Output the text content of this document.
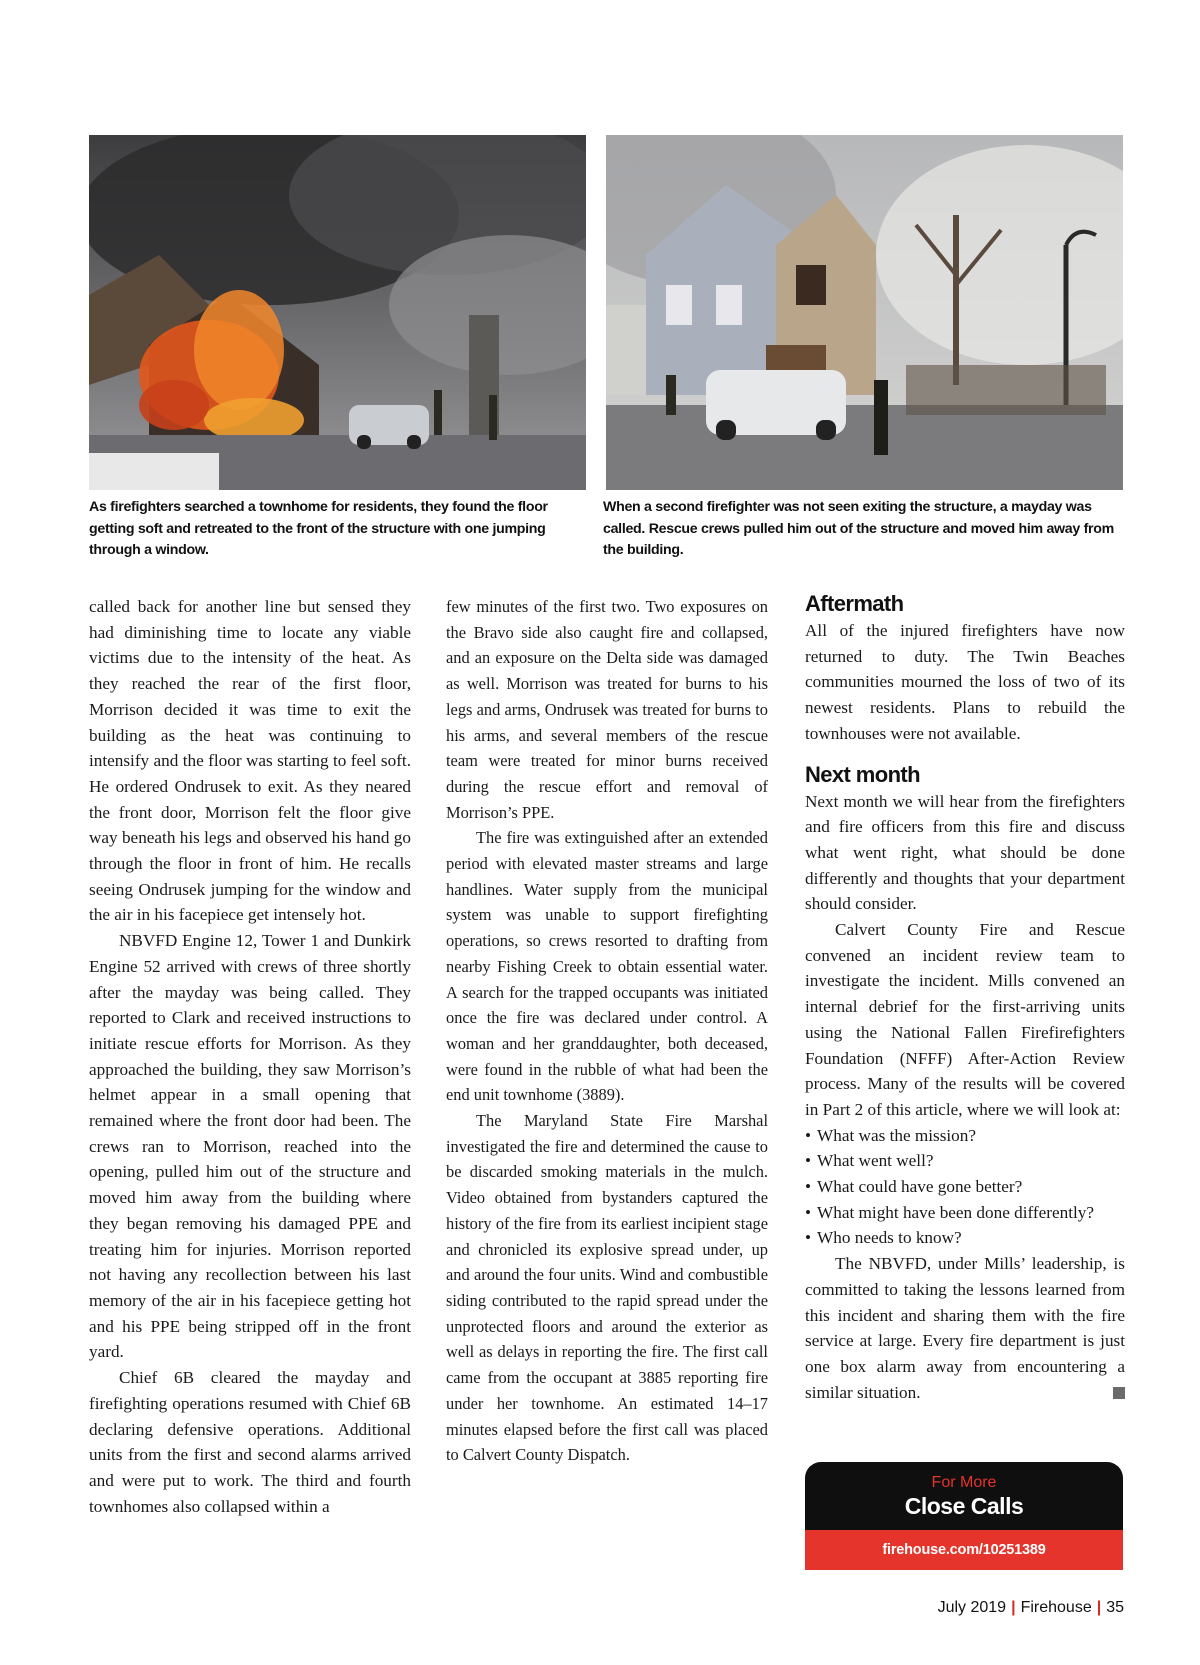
As firefighters searched a townhome for residents, they found the floor getting soft and retreated to the front of the structure with one jumping through a window.
When a second firefighter was not seen exiting the structure, a mayday was called. Rescue crews pulled him out of the structure and moved him away from the building.

called back for another line but sensed they had diminishing time to locate any viable victims due to the intensity of the heat. As they reached the rear of the first floor, Morrison decided it was time to exit the building as the heat was continuing to intensify and the floor was starting to feel soft. He ordered Ondrusek to exit. As they neared the front door, Morrison felt the floor give way beneath his legs and observed his hand go through the floor in front of him. He recalls seeing Ondrusek jumping for the window and the air in his facepiece get intensely hot.

NBVFD Engine 12, Tower 1 and Dunkirk Engine 52 arrived with crews of three shortly after the mayday was being called. They reported to Clark and received instructions to initiate rescue efforts for Morrison. As they approached the building, they saw Morrison’s helmet appear in a small opening that remained where the front door had been. The crews ran to Morrison, reached into the opening, pulled him out of the structure and moved him away from the building where they began removing his damaged PPE and treating him for injuries. Morrison reported not having any recollection between his last memory of the air in his facepiece getting hot and his PPE being stripped off in the front yard.

Chief 6B cleared the mayday and firefighting operations resumed with Chief 6B declaring defensive operations. Additional units from the first and second alarms arrived and were put to work. The third and fourth townhomes also collapsed within a

few minutes of the first two. Two exposures on the Bravo side also caught fire and collapsed, and an exposure on the Delta side was damaged as well. Morrison was treated for burns to his legs and arms, Ondrusek was treated for burns to his arms, and several members of the rescue team were treated for minor burns received during the rescue effort and removal of Morrison’s PPE.

The fire was extinguished after an extended period with elevated master streams and large handlines. Water supply from the municipal system was unable to support firefighting operations, so crews resorted to drafting from nearby Fishing Creek to obtain essential water. A search for the trapped occupants was initiated once the fire was declared under control. A woman and her granddaughter, both deceased, were found in the rubble of what had been the end unit townhome (3889).

The Maryland State Fire Marshal investigated the fire and determined the cause to be discarded smoking materials in the mulch. Video obtained from bystanders captured the history of the fire from its earliest incipient stage and chronicled its explosive spread under, up and around the four units. Wind and combustible siding contributed to the rapid spread under the unprotected floors and around the exterior as well as delays in reporting the fire. The first call came from the occupant at 3885 reporting fire under her townhome. An estimated 14–17 minutes elapsed before the first call was placed to Calvert County Dispatch.

Aftermath

All of the injured firefighters have now returned to duty. The Twin Beaches communities mourned the loss of two of its newest residents. Plans to rebuild the townhouses were not available.

Next month

Next month we will hear from the firefighters and fire officers from this fire and discuss what went right, what should be done differently and thoughts that your department should consider.

Calvert County Fire and Rescue convened an incident review team to investigate the incident. Mills convened an internal debrief for the first-arriving units using the National Fallen Firefirefighters Foundation (NFFF) After-Action Review process. Many of the results will be covered in Part 2 of this article, where we will look at:

• What was the mission?
• What went well?
• What could have gone better?
• What might have been done differently?
• Who needs to know?

The NBVFD, under Mills’ leadership, is committed to taking the lessons learned from this incident and sharing them with the fire service at large. Every fire department is just one box alarm away from encountering a similar situation.

For More
Close Calls
firehouse.com/10251389
July 2019 | Firehouse | 35
